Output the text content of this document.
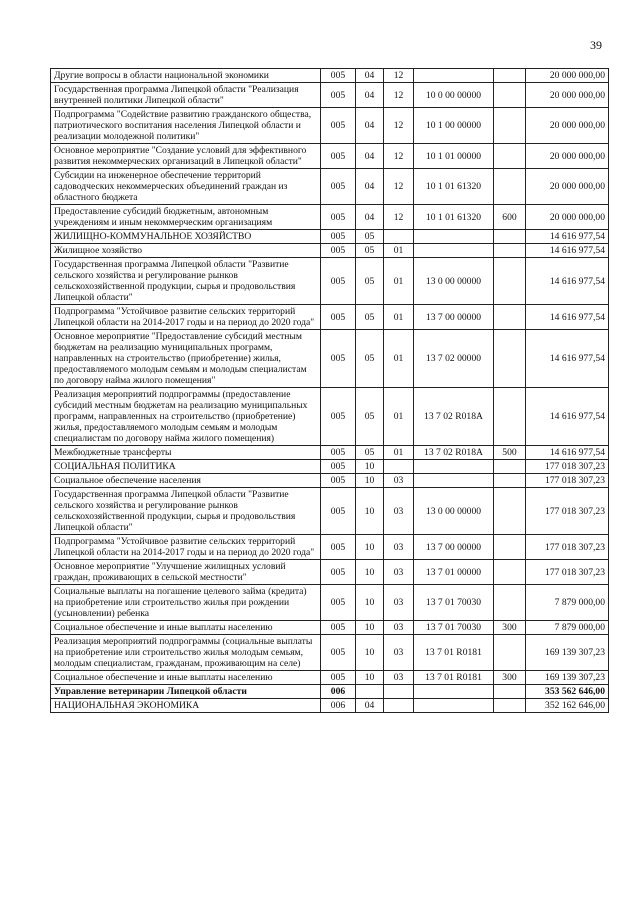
39
Другие вопросы в области национальной экономики	005	04	12			20 000 000,00
Государственная программа Липецкой области "Реализация внутренней политики Липецкой области"	005	04	12	10 0 00 00000		20 000 000,00
Подпрограмма "Содействие развитию гражданского общества, патриотического воспитания населения Липецкой области и реализации молодежной политики"	005	04	12	10 1 00 00000		20 000 000,00
Основное мероприятие "Создание условий для эффективного развития некоммерческих организаций в Липецкой области"	005	04	12	10 1 01 00000		20 000 000,00
Субсидии на инженерное обеспечение территорий садоводческих некоммерческих объединений граждан из областного бюджета	005	04	12	10 1 01 61320		20 000 000,00
Предоставление субсидий бюджетным, автономным учреждениям и иным некоммерческим организациям	005	04	12	10 1 01 61320	600	20 000 000,00
ЖИЛИЩНО-КОММУНАЛЬНОЕ ХОЗЯЙСТВО	005	05				14 616 977,54
Жилищное хозяйство	005	05	01			14 616 977,54
Государственная программа Липецкой области "Развитие сельского хозяйства и регулирование рынков сельскохозяйственной продукции, сырья и продовольствия Липецкой области"	005	05	01	13 0 00 00000		14 616 977,54
Подпрограмма "Устойчивое развитие сельских территорий Липецкой области на 2014-2017 годы и на период до 2020 года"	005	05	01	13 7 00 00000		14 616 977,54
Основное мероприятие "Предоставление субсидий местным бюджетам на реализацию муниципальных программ, направленных на строительство (приобретение) жилья, предоставляемого молодым семьям и молодым специалистам по договору найма жилого помещения"	005	05	01	13 7 02 00000		14 616 977,54
Реализация мероприятий подпрограммы (предоставление субсидий местным бюджетам на реализацию муниципальных программ, направленных на строительство (приобретение) жилья, предоставляемого молодым семьям и молодым специалистам по договору найма жилого помещения)	005	05	01	13 7 02 R018A		14 616 977,54
Межбюджетные трансферты	005	05	01	13 7 02 R018A	500	14 616 977,54
СОЦИАЛЬНАЯ ПОЛИТИКА	005	10				177 018 307,23
Социальное обеспечение населения	005	10	03			177 018 307,23
Государственная программа Липецкой области "Развитие сельского хозяйства и регулирование рынков сельскохозяйственной продукции, сырья и продовольствия Липецкой области"	005	10	03	13 0 00 00000		177 018 307,23
Подпрограмма "Устойчивое развитие сельских территорий Липецкой области на 2014-2017 годы и на период до 2020 года"	005	10	03	13 7 00 00000		177 018 307,23
Основное мероприятие "Улучшение жилищных условий граждан, проживающих в сельской местности"	005	10	03	13 7 01 00000		177 018 307,23
Социальные выплаты на погашение целевого займа (кредита) на приобретение или строительство жилья при рождении (усыновлении) ребенка	005	10	03	13 7 01 70030		7 879 000,00
Социальное обеспечение и иные выплаты населению	005	10	03	13 7 01 70030	300	7 879 000,00
Реализация мероприятий подпрограммы (социальные выплаты на приобретение или строительство жилья молодым семьям, молодым специалистам, гражданам, проживающим на селе)	005	10	03	13 7 01 R0181		169 139 307,23
Социальное обеспечение и иные выплаты населению	005	10	03	13 7 01 R0181	300	169 139 307,23
Управление ветеринарии Липецкой области	006					353 562 646,00
НАЦИОНАЛЬНАЯ ЭКОНОМИКА	006	04				352 162 646,00
